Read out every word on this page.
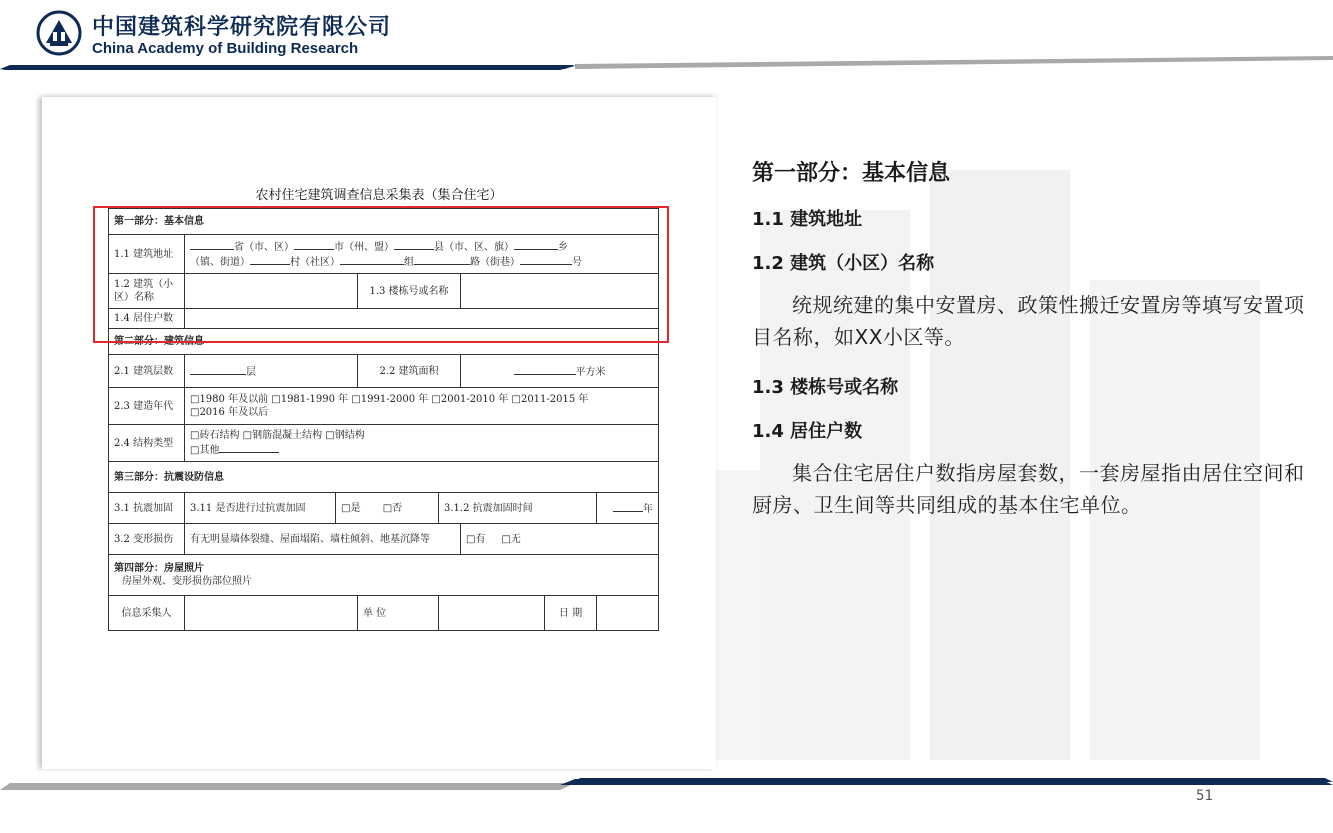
中国建筑科学研究院有限公司
China Academy of Building Research
农村住宅建筑调查信息采集表（集合住宅）
第一部分：基本信息							
1.1 建筑地址	省（市、区） 市（州、盟） 县（市、区、旗） 乡
（镇、街道） 村（社区） 组 路（街巷） 号						

1.2 建筑（小区）名称			1.3 楼栋号或名称				
1.4 居住户数							
第二部分：建筑信息							
2.1 建筑层数	层		2.2 建筑面积		平方米		
2.3 建造年代	□1980 年及以前 □1981-1990 年 □1991-2000 年 □2001-2010 年 □2011-2015 年
□2016 年及以后						

2.4 结构类型	□砖石结构 □钢筋混凝土结构 □钢结构
□其他						

第三部分：抗震设防信息							
3.1 抗震加固	3.11 是否进行过抗震加固	□是 □否		3.1.2 抗震加固时间			年
3.2 变形损伤	有无明显墙体裂缝、屋面塌陷、墙柱倾斜、地基沉降等				□有 □无		

第四部分：房屋照片
房屋外观、变形损伤部位照片							

信息采集人			单 位			日 期	
第一部分：基本信息
1.1 建筑地址
1.2 建筑（小区）名称
统规统建的集中安置房、政策性搬迁安置房等填写安置项目名称，如XX小区等。
1.3 楼栋号或名称
1.4 居住户数
集合住宅居住户数指房屋套数，一套房屋指由居住空间和厨房、卫生间等共同组成的基本住宅单位。
51
